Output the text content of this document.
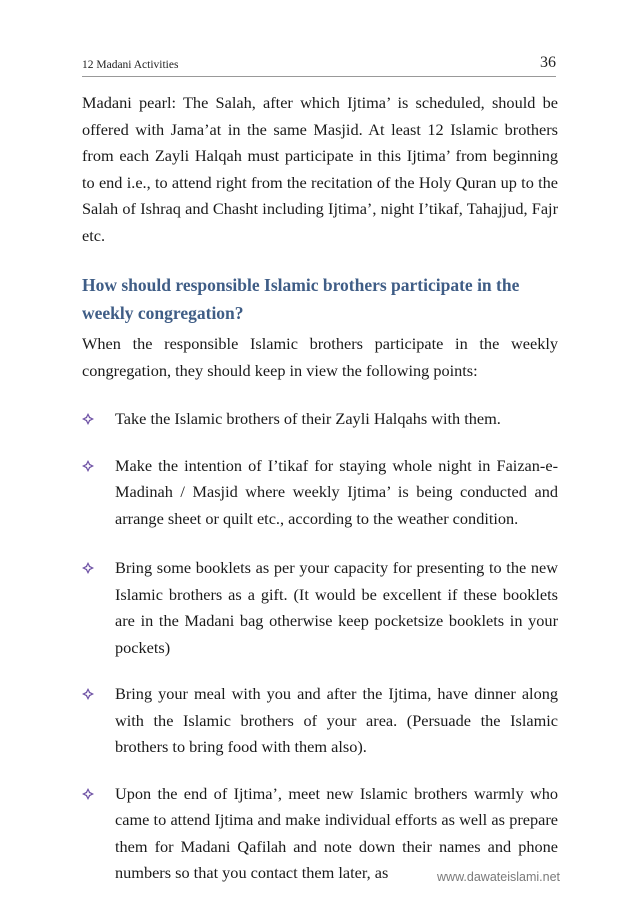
12 Madani Activities	36

Madani pearl: The Salah, after which Ijtima’ is scheduled, should be offered with Jama’at in the same Masjid. At least 12 Islamic brothers from each Zayli Halqah must participate in this Ijtima’ from beginning to end i.e., to attend right from the recitation of the Holy Quran up to the Salah of Ishraq and Chasht including Ijtima’, night I’tikaf, Tahajjud, Fajr etc.

How should responsible Islamic brothers participate in the weekly congregation?

When the responsible Islamic brothers participate in the weekly congregation, they should keep in view the following points:

Take the Islamic brothers of their Zayli Halqahs with them.
Make the intention of I’tikaf for staying whole night in Faizan-e-Madinah / Masjid where weekly Ijtima’ is being conducted and arrange sheet or quilt etc., according to the weather condition.
Bring some booklets as per your capacity for presenting to the new Islamic brothers as a gift. (It would be excellent if these booklets are in the Madani bag otherwise keep pocketsize booklets in your pockets)
Bring your meal with you and after the Ijtima, have dinner along with the Islamic brothers of your area. (Persuade the Islamic brothers to bring food with them also).
Upon the end of Ijtima’, meet new Islamic brothers warmly who came to attend Ijtima and make individual efforts as well as prepare them for Madani Qafilah and note down their names and phone numbers so that you contact them later, as	www.dawateislami.net
